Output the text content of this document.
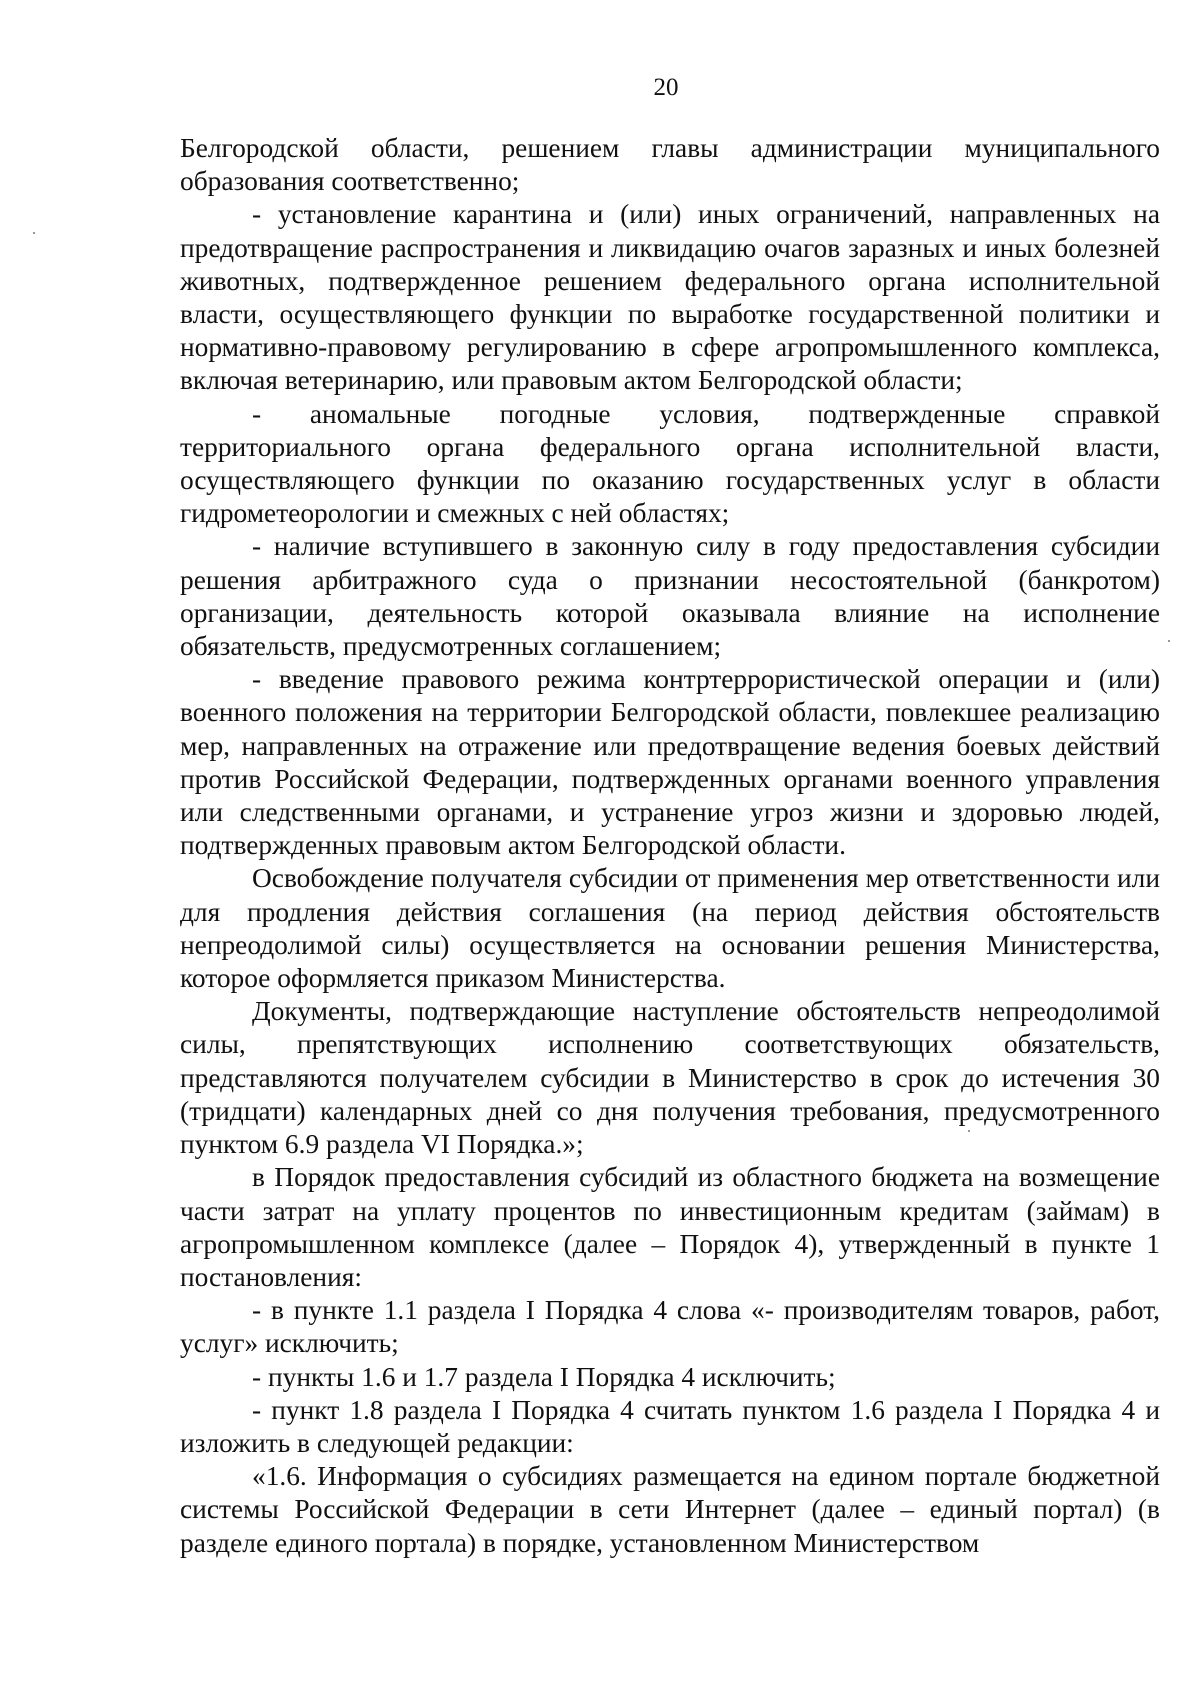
20

Белгородской области, решением главы администрации муниципального образования соответственно;

- установление карантина и (или) иных ограничений, направленных на предотвращение распространения и ликвидацию очагов заразных и иных болезней животных, подтвержденное решением федерального органа исполнительной власти, осуществляющего функции по выработке государственной политики и нормативно-правовому регулированию в сфере агропромышленного комплекса, включая ветеринарию, или правовым актом Белгородской области;

- аномальные погодные условия, подтвержденные справкой территориального органа федерального органа исполнительной власти, осуществляющего функции по оказанию государственных услуг в области гидрометеорологии и смежных с ней областях;

- наличие вступившего в законную силу в году предоставления субсидии решения арбитражного суда о признании несостоятельной (банкротом) организации, деятельность которой оказывала влияние на исполнение обязательств, предусмотренных соглашением;

- введение правового режима контртеррористической операции и (или) военного положения на территории Белгородской области, повлекшее реализацию мер, направленных на отражение или предотвращение ведения боевых действий против Российской Федерации, подтвержденных органами военного управления или следственными органами, и устранение угроз жизни и здоровью людей, подтвержденных правовым актом Белгородской области.

Освобождение получателя субсидии от применения мер ответственности или для продления действия соглашения (на период действия обстоятельств непреодолимой силы) осуществляется на основании решения Министерства, которое оформляется приказом Министерства.

Документы, подтверждающие наступление обстоятельств непреодолимой силы, препятствующих исполнению соответствующих обязательств, представляются получателем субсидии в Министерство в срок до истечения 30 (тридцати) календарных дней со дня получения требования, предусмотренного пунктом 6.9 раздела VI Порядка.»;

в Порядок предоставления субсидий из областного бюджета на возмещение части затрат на уплату процентов по инвестиционным кредитам (займам) в агропромышленном комплексе (далее – Порядок 4), утвержденный в пункте 1 постановления:

- в пункте 1.1 раздела I Порядка 4 слова «- производителям товаров, работ, услуг» исключить;

- пункты 1.6 и 1.7 раздела I Порядка 4 исключить;

- пункт 1.8 раздела I Порядка 4 считать пунктом 1.6 раздела I Порядка 4 и изложить в следующей редакции:

«1.6. Информация о субсидиях размещается на едином портале бюджетной системы Российской Федерации в сети Интернет (далее – единый портал) (в разделе единого портала) в порядке, установленном Министерством
